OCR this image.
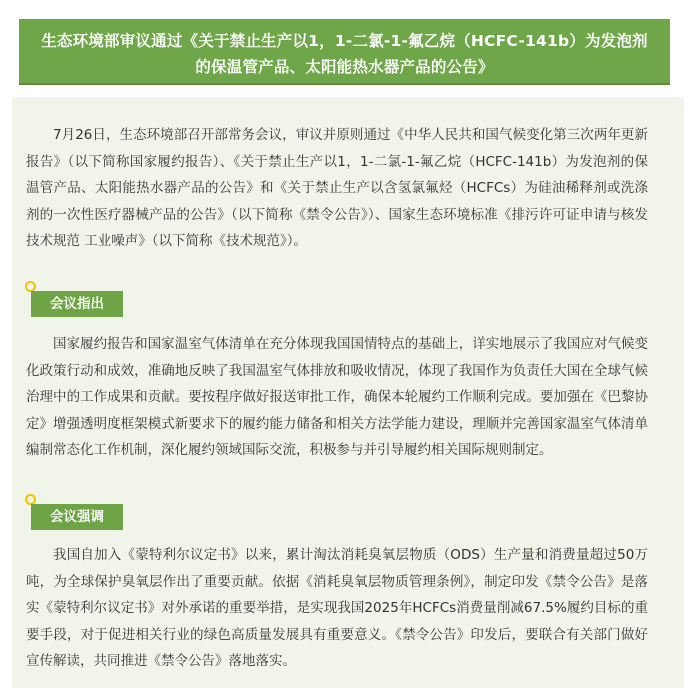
生态环境部审议通过《关于禁止生产以1，1-二氯-1-氟乙烷（HCFC-141b）为发泡剂
的保温管产品、太阳能热水器产品的公告》

7月26日，生态环境部召开部常务会议，审议并原则通过《中华人民共和国气候变化第三次两年更新报告》（以下简称国家履约报告）、《关于禁止生产以1，1-二氯-1-氟乙烷（HCFC-141b）为发泡剂的保温管产品、太阳能热水器产品的公告》和《关于禁止生产以含氢氯氟烃（HCFCs）为硅油稀释剂或洗涤剂的一次性医疗器械产品的公告》（以下简称《禁令公告》）、国家生态环境标准《排污许可证申请与核发技术规范 工业噪声》（以下简称《技术规范》）。

会议指出

国家履约报告和国家温室气体清单在充分体现我国国情特点的基础上，详实地展示了我国应对气候变化政策行动和成效，准确地反映了我国温室气体排放和吸收情况，体现了我国作为负责任大国在全球气候治理中的工作成果和贡献。要按程序做好报送审批工作，确保本轮履约工作顺利完成。要加强在《巴黎协定》增强透明度框架模式新要求下的履约能力储备和相关方法学能力建设，理顺并完善国家温室气体清单编制常态化工作机制，深化履约领域国际交流，积极参与并引导履约相关国际规则制定。

会议强调

我国自加入《蒙特利尔议定书》以来，累计淘汰消耗臭氧层物质（ODS）生产量和消费量超过50万吨，为全球保护臭氧层作出了重要贡献。依据《消耗臭氧层物质管理条例》，制定印发《禁令公告》是落实《蒙特利尔议定书》对外承诺的重要举措，是实现我国2025年HCFCs消费量削减67.5%履约目标的重要手段，对于促进相关行业的绿色高质量发展具有重要意义。《禁令公告》印发后，要联合有关部门做好宣传解读，共同推进《禁令公告》落地落实。
